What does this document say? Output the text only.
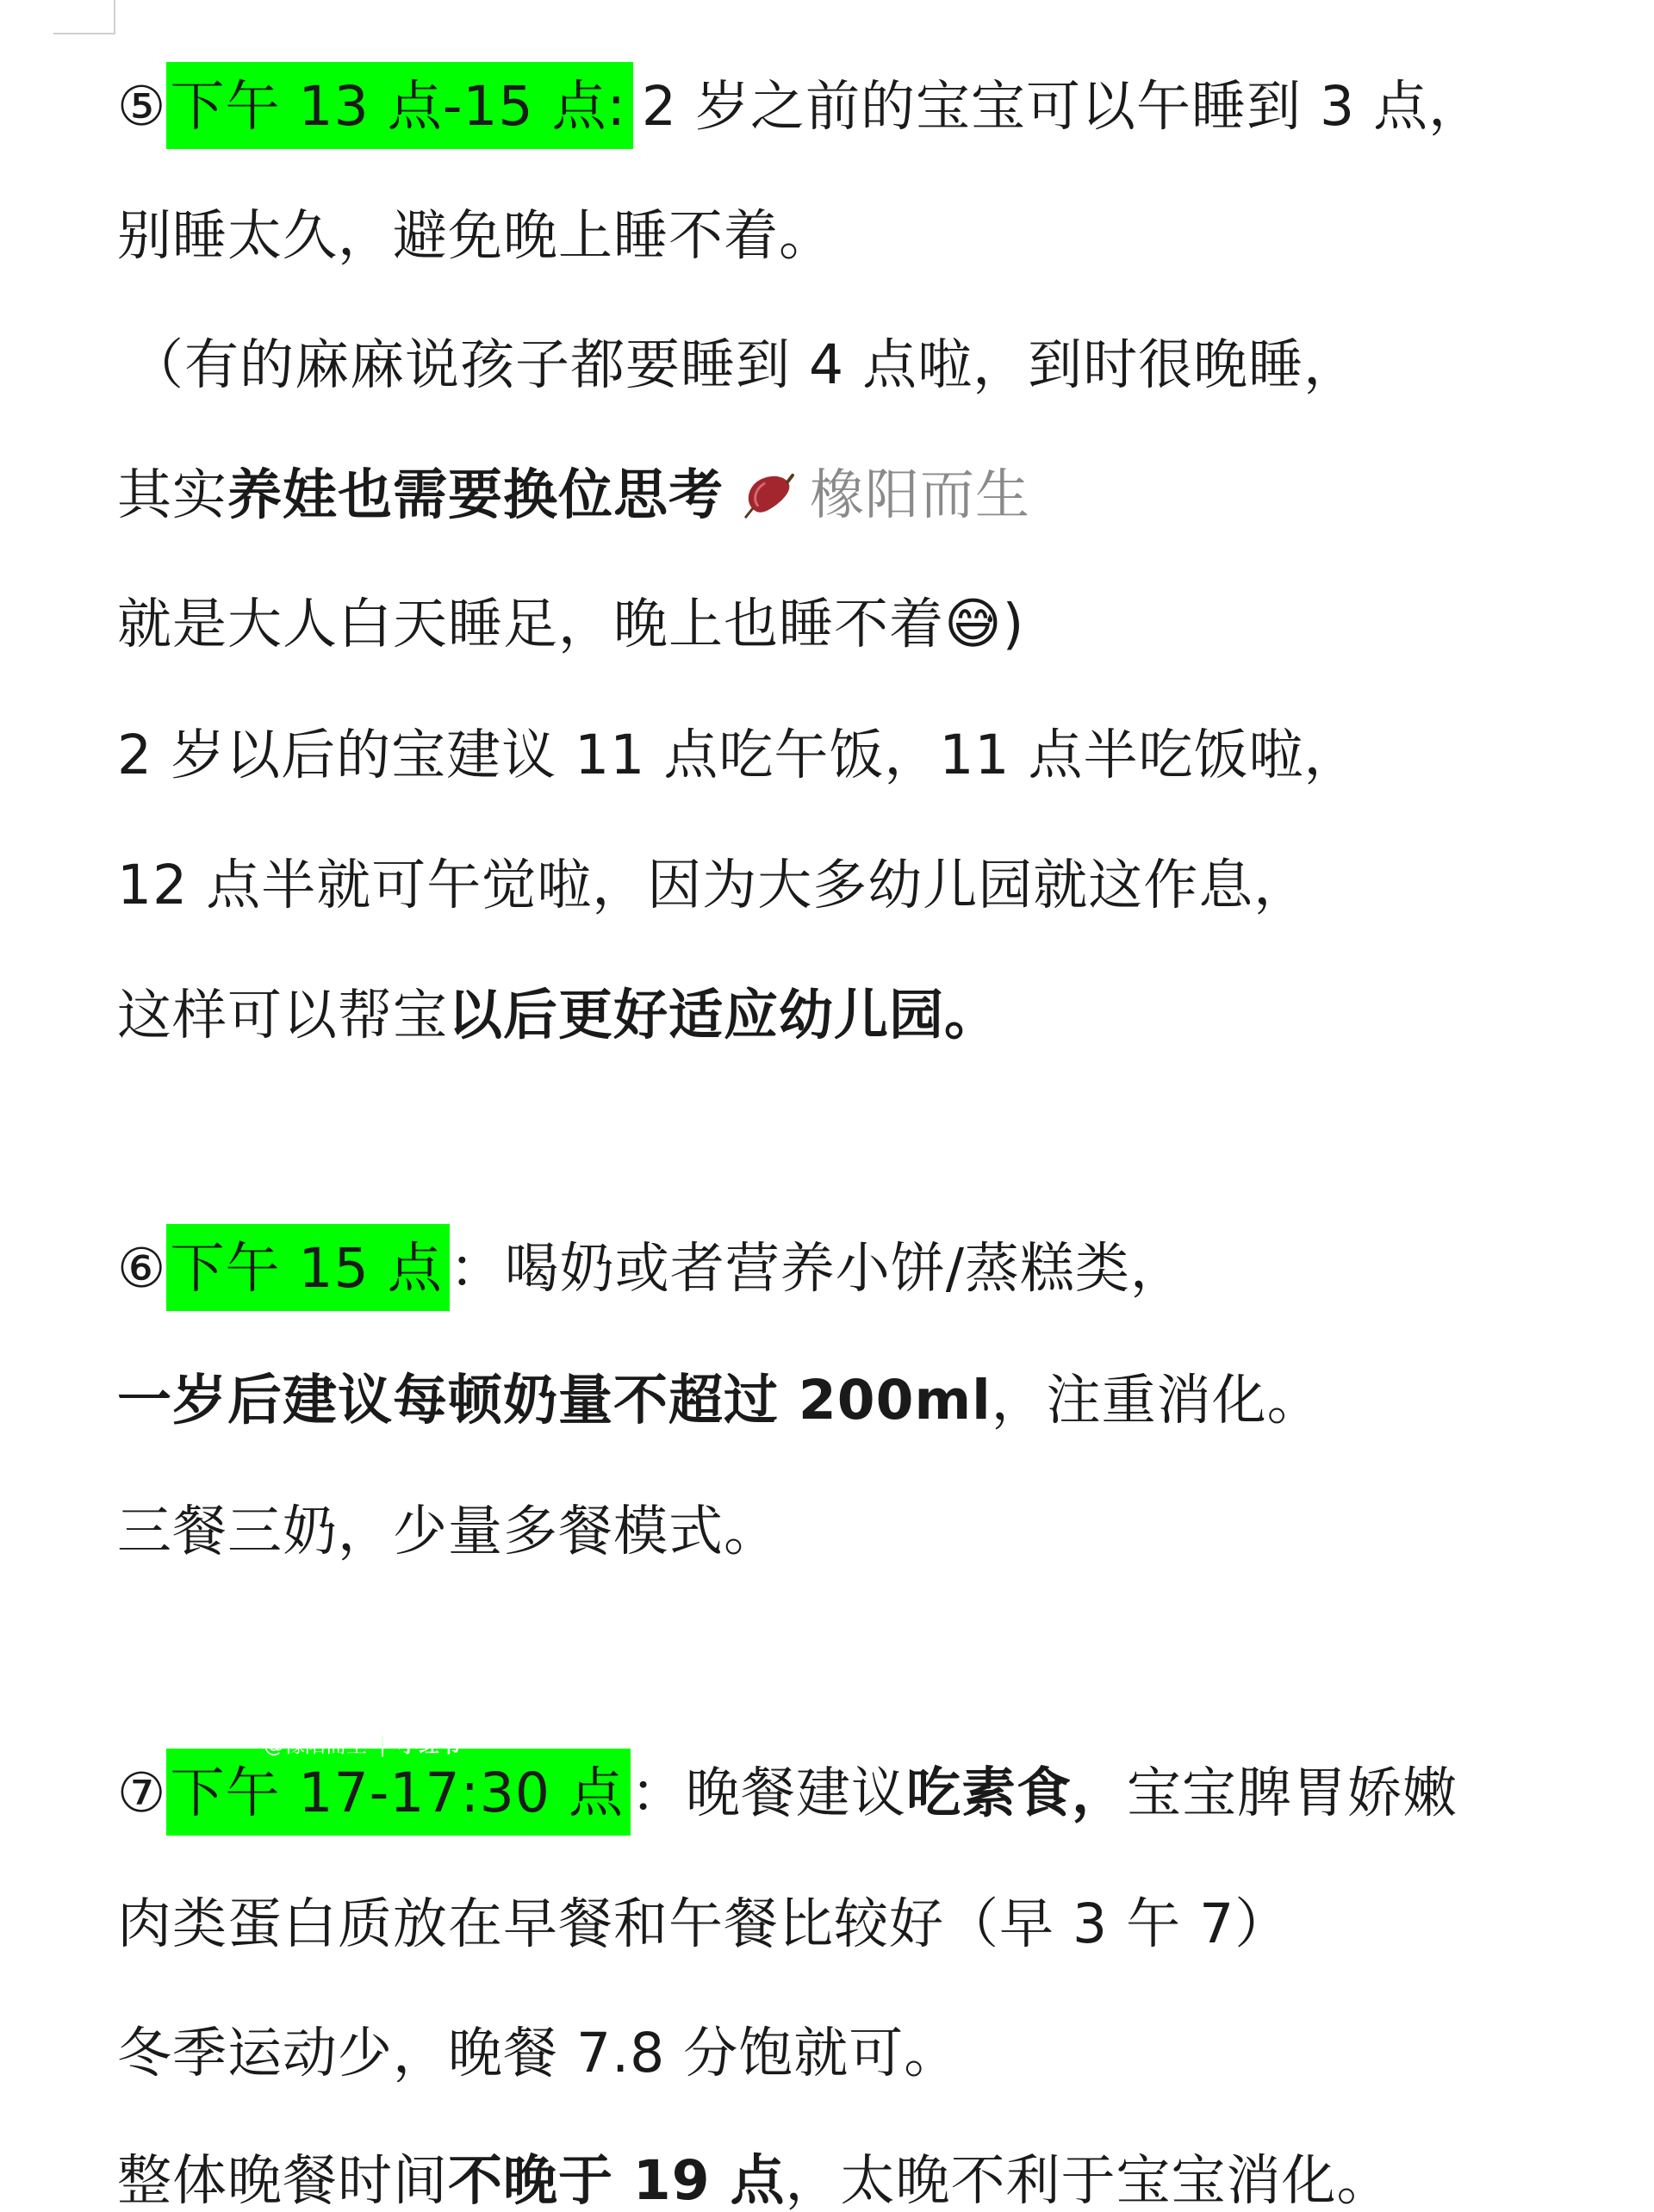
⑤下午 13 点-15 点: 2 岁之前的宝宝可以午睡到 3 点，
别睡太久，避免晚上睡不着。
（有的麻麻说孩子都要睡到 4 点啦，到时很晚睡，
其实养娃也需要换位思考 橡阳而生
就是大人白天睡足，晚上也睡不着😅)
2 岁以后的宝建议 11 点吃午饭，11 点半吃饭啦，
12 点半就可午觉啦，因为大多幼儿园就这作息，
这样可以帮宝以后更好适应幼儿园。
⑥下午 15 点 ：喝奶或者营养小饼/蒸糕类，
一岁后建议每顿奶量不超过 200ml，注重消化。
三餐三奶，少量多餐模式。
⑦下午 17-17:30 点 ：晚餐建议吃素食，宝宝脾胃娇嫩
@橡阳而生 | 小红书
肉类蛋白质放在早餐和午餐比较好（早 3 午 7）
冬季运动少，晚餐 7.8 分饱就可。
整体晚餐时间不晚于 19 点，太晚不利于宝宝消化。
